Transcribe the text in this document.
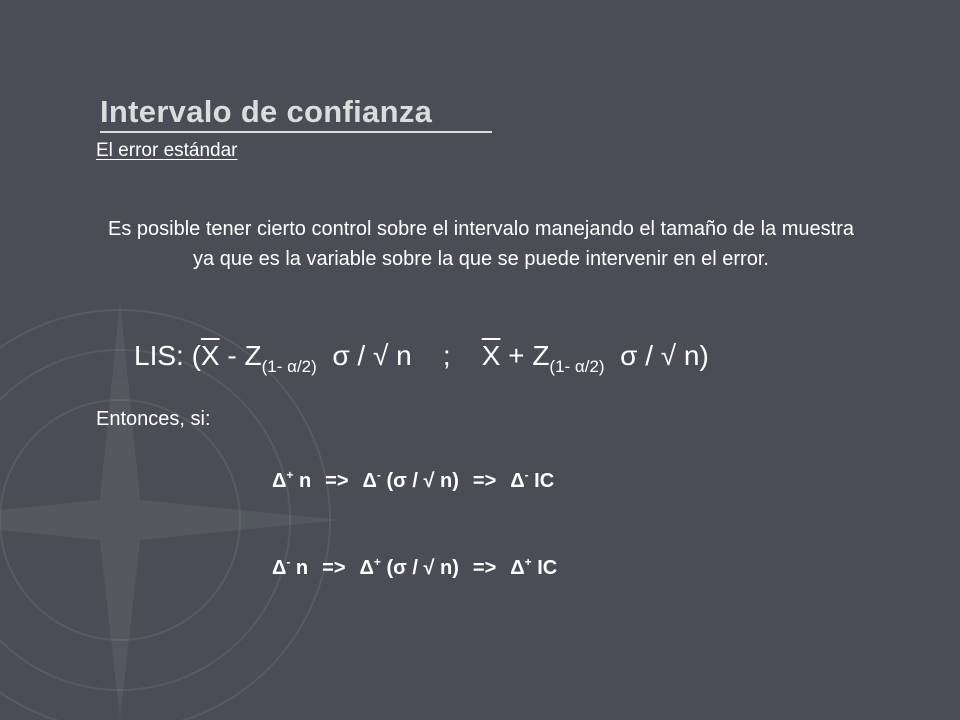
Intervalo de confianza
El error estándar
Es posible tener cierto control sobre el intervalo manejando el tamaño de la muestra ya que es la variable sobre la que se puede intervenir en el error.
LIS: ($\overline{X} - Z_{(1- \alpha/2)}$ σ / √ n ; $\overline{X} + Z_{(1- \alpha/2)}$ σ / √ n)
Entonces, si:
Δ+ n => Δ- (σ / √ n) => Δ- IC
Δ- n => Δ+ (σ / √ n) => Δ+ IC
